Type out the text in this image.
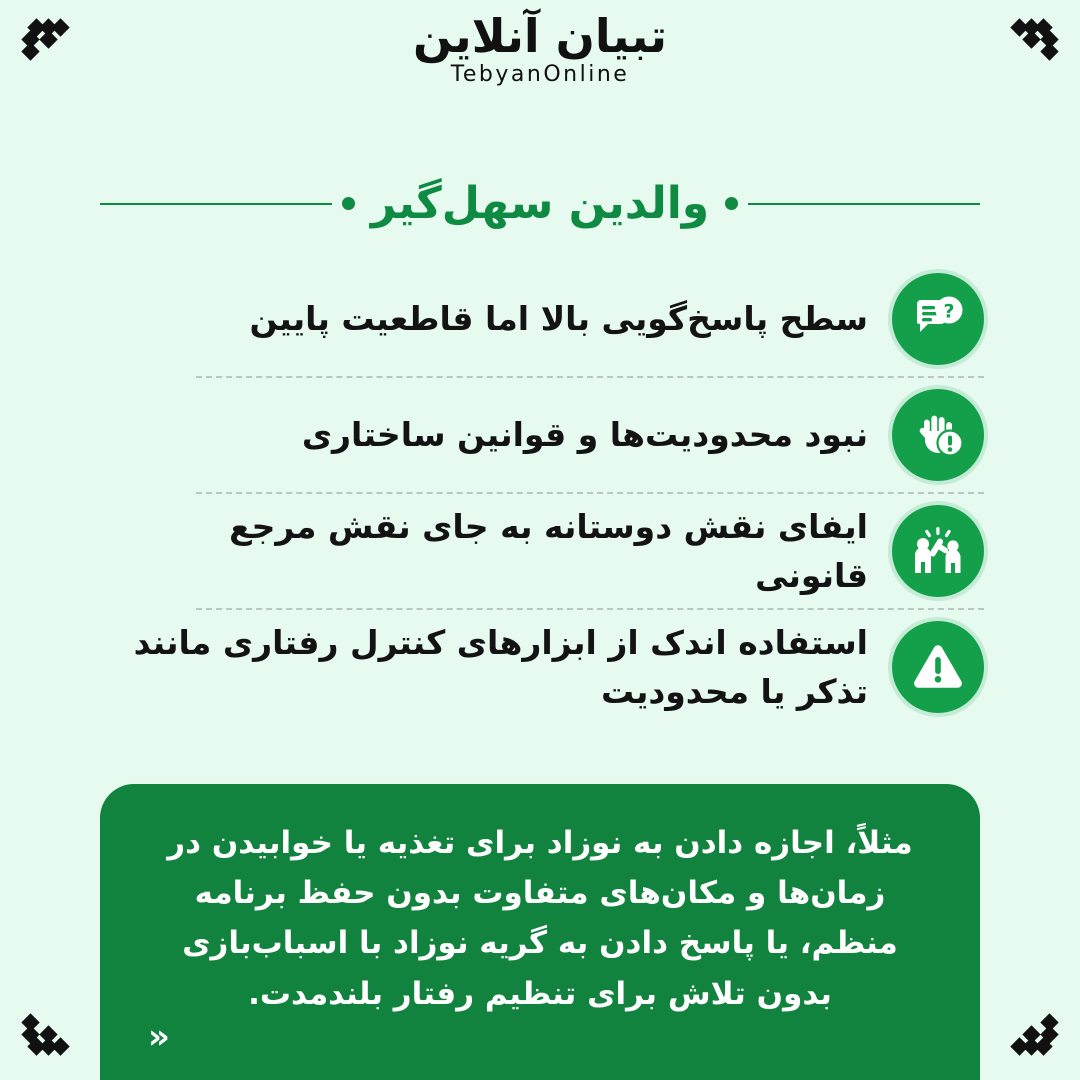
تبیان آنلاین
TebyanOnline
والدین سهل‌گیر
?
سطح پاسخ‌گویی بالا اما قاطعیت پایین
نبود محدودیت‌ها و قوانین ساختاری
ایفای نقش دوستانه به جای نقش مرجع قانونی
استفاده اندک از ابزارهای کنترل رفتاری مانند تذکر یا محدودیت
مثلاً، اجازه دادن به نوزاد برای تغذیه یا خوابیدن در زمان‌ها و مکان‌های متفاوت بدون حفظ برنامه منظم، یا پاسخ دادن به گریه نوزاد با اسباب‌بازی بدون تلاش برای تنظیم رفتار بلندمدت.
»
